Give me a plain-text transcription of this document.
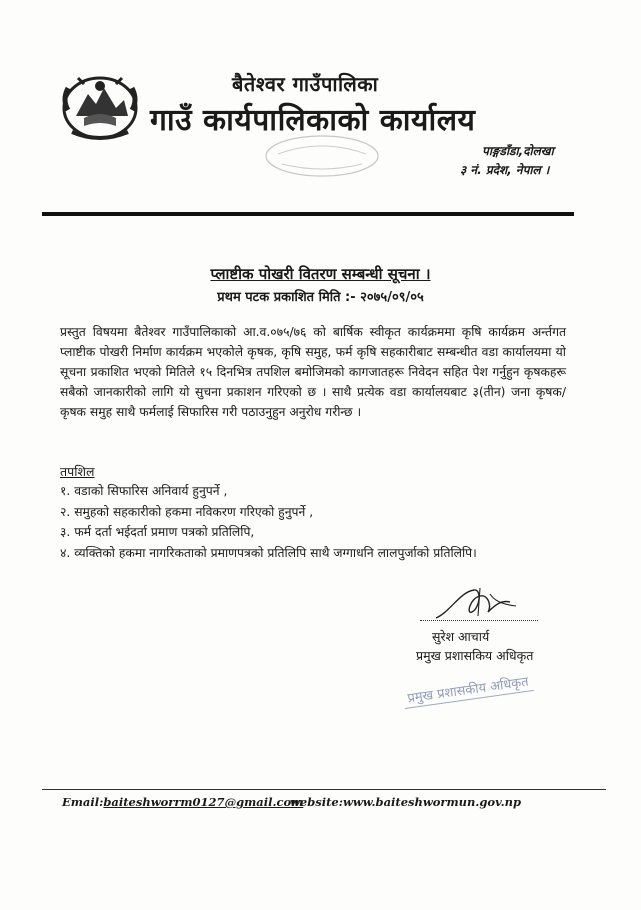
बैतेश्वर गाउँपालिका
गाउँ कार्यपालिकाको कार्यालय
पाङ्गडाँडा,दोलखा
३ नं. प्रदेश, नेपाल ।
प्लाष्टीक पोखरी वितरण सम्बन्धी सूचना ।
प्रथम पटक प्रकाशित मिति :- २०७५/०९/०५
प्रस्तुत विषयमा बैतेश्वर गाउँपालिकाको आ.व.०७५/७६ को बार्षिक स्वीकृत कार्यक्रममा कृषि कार्यक्रम अर्न्तगत प्लाष्टीक पोखरी निर्माण कार्यक्रम भएकोले कृषक, कृषि समुह, फर्म कृषि सहकारीबाट सम्बन्धीत वडा कार्यालयमा यो सूचना प्रकाशित भएको मितिले १५ दिनभित्र तपशिल बमोजिमको कागजातहरू निवेदन सहित पेश गर्नुहुन कृषकहरू सबैको जानकारीको लागि यो सुचना प्रकाशन गरिएको छ । साथै प्रत्येक वडा कार्यालयबाट ३(तीन) जना कृषक/कृषक समुह साथै फर्मलाई सिफारिस गरी पठाउनुहुन अनुरोध गरीन्छ ।
तपशिल
१. वडाको सिफारिस अनिवार्य हुनुपर्ने ,
२. समुहको सहकारीको हकमा नविकरण गरिएको हुनुपर्ने ,
३. फर्म दर्ता भईदर्ता प्रमाण पत्रको प्रतिलिपि,
४. व्यक्तिको हकमा नागरिकताको प्रमाणपत्रको प्रतिलिपि साथै जग्गाधनि लालपुर्जाको प्रतिलिपि।
सुरेश आचार्य
प्रमुख प्रशासकिय अधिकृत
प्रमुख प्रशासकीय अधिकृत
Email:baiteshworrm0127@gmail.com
website:www.baiteshwormun.gov.np
